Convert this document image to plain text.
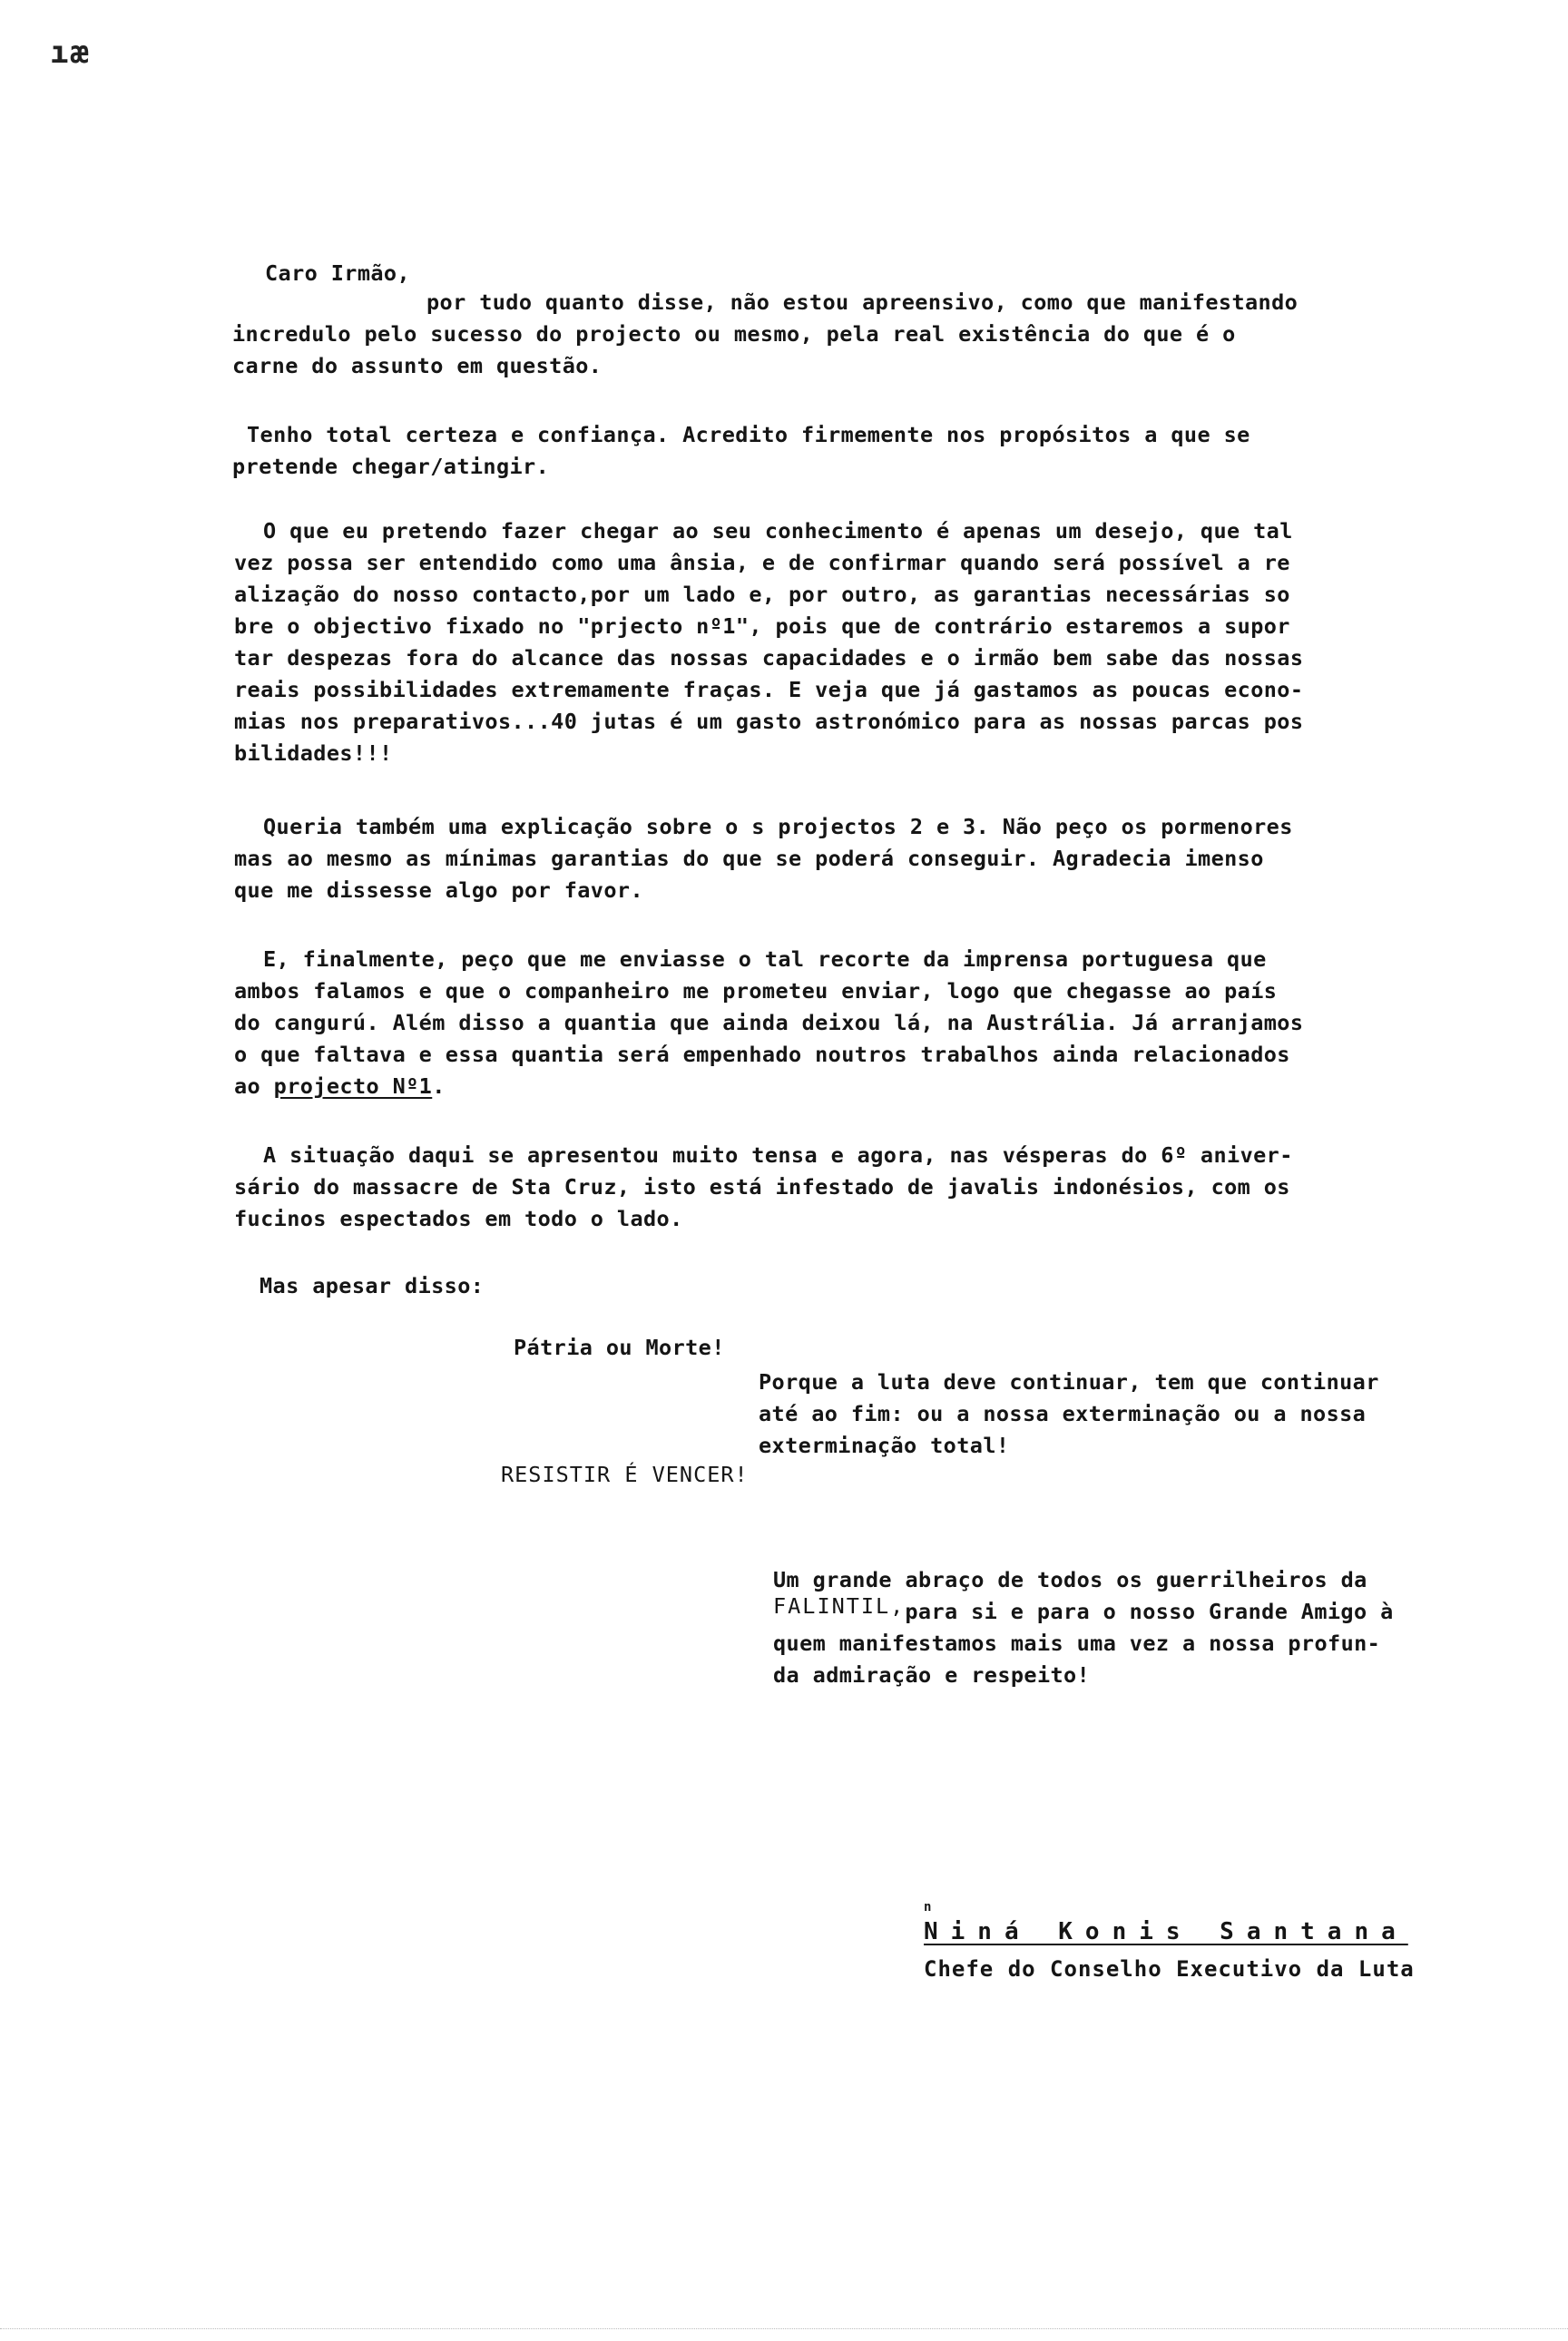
ıæ
Caro Irmão,
por tudo quanto disse, não estou apreensivo, como que manifestando
incredulo pelo sucesso do projecto ou mesmo, pela real existência do que é o
carne do assunto em questão.
Tenho total certeza e confiança. Acredito firmemente nos propósitos a que se
pretende chegar/atingir.
O que eu pretendo fazer chegar ao seu conhecimento é apenas um desejo, que tal
vez possa ser entendido como uma ânsia, e de confirmar quando será possível a re
alização do nosso contacto,por um lado e, por outro, as garantias necessárias so
bre o objectivo fixado no "prjecto nº1", pois que de contrário estaremos a supor
tar despezas fora do alcance das nossas capacidades e o irmão bem sabe das nossas
reais possibilidades extremamente fraças. E veja que já gastamos as poucas econo-
mias nos preparativos...40 jutas é um gasto astronómico para as nossas parcas pos
bilidades!!!
Queria também uma explicação sobre o s projectos 2 e 3. Não peço os pormenores
mas ao mesmo as mínimas garantias do que se poderá conseguir. Agradecia imenso
que me dissesse algo por favor.
E, finalmente, peço que me enviasse o tal recorte da imprensa portuguesa que
ambos falamos e que o companheiro me prometeu enviar, logo que chegasse ao país
do cangurú. Além disso a quantia que ainda deixou lá, na Austrália. Já arranjamos
o que faltava e essa quantia será empenhado noutros trabalhos ainda relacionados
ao projecto Nº1.
A situação daqui se apresentou muito tensa e agora, nas vésperas do 6º aniver-
sário do massacre de Sta Cruz, isto está infestado de javalis indonésios, com os
fucinos espectados em todo o lado.
Mas apesar disso:
Pátria ou Morte!
Porque a luta deve continuar, tem que continuar
até ao fim: ou a nossa exterminação ou a nossa
exterminação total!
RESISTIR É VENCER!
Um grande abraço de todos os guerrilheiros da
FALINTIL,para si e para o nosso Grande Amigo à
quem manifestamos mais uma vez a nossa profun-
da admiração e respeito!
n
Niná Konis Santana
Chefe do Conselho Executivo da Luta
